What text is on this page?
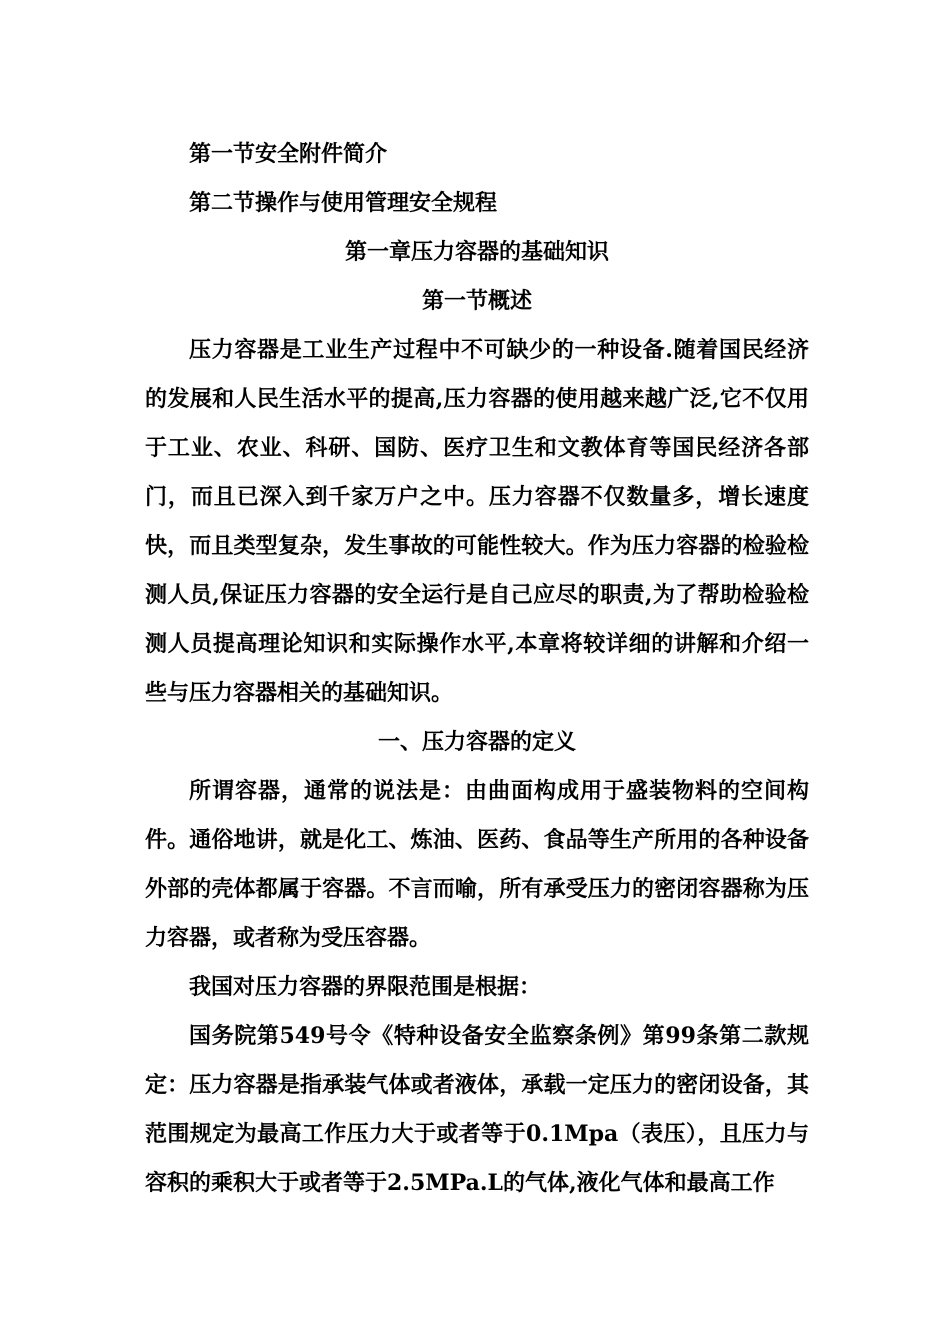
第一节安全附件简介
第二节操作与使用管理安全规程
第一章压力容器的基础知识
第一节概述

压力容器是工业生产过程中不可缺少的一种设备.随着国民经济的发展和人民生活水平的提高,压力容器的使用越来越广泛,它不仅用于工业、农业、科研、国防、医疗卫生和文教体育等国民经济各部门，而且已深入到千家万户之中。压力容器不仅数量多，增长速度快，而且类型复杂，发生事故的可能性较大。作为压力容器的检验检测人员,保证压力容器的安全运行是自己应尽的职责,为了帮助检验检测人员提高理论知识和实际操作水平,本章将较详细的讲解和介绍一些与压力容器相关的基础知识。

一、压力容器的定义

所谓容器，通常的说法是：由曲面构成用于盛装物料的空间构件。通俗地讲，就是化工、炼油、医药、食品等生产所用的各种设备外部的壳体都属于容器。不言而喻，所有承受压力的密闭容器称为压力容器，或者称为受压容器。

我国对压力容器的界限范围是根据：

国务院第549号令《特种设备安全监察条例》第99条第二款规定：压力容器是指承装气体或者液体，承载一定压力的密闭设备，其范围规定为最高工作压力大于或者等于0.1Mpa（表压），且压力与容积的乘积大于或者等于2.5MPa.L的气体,液化气体和最高工作
